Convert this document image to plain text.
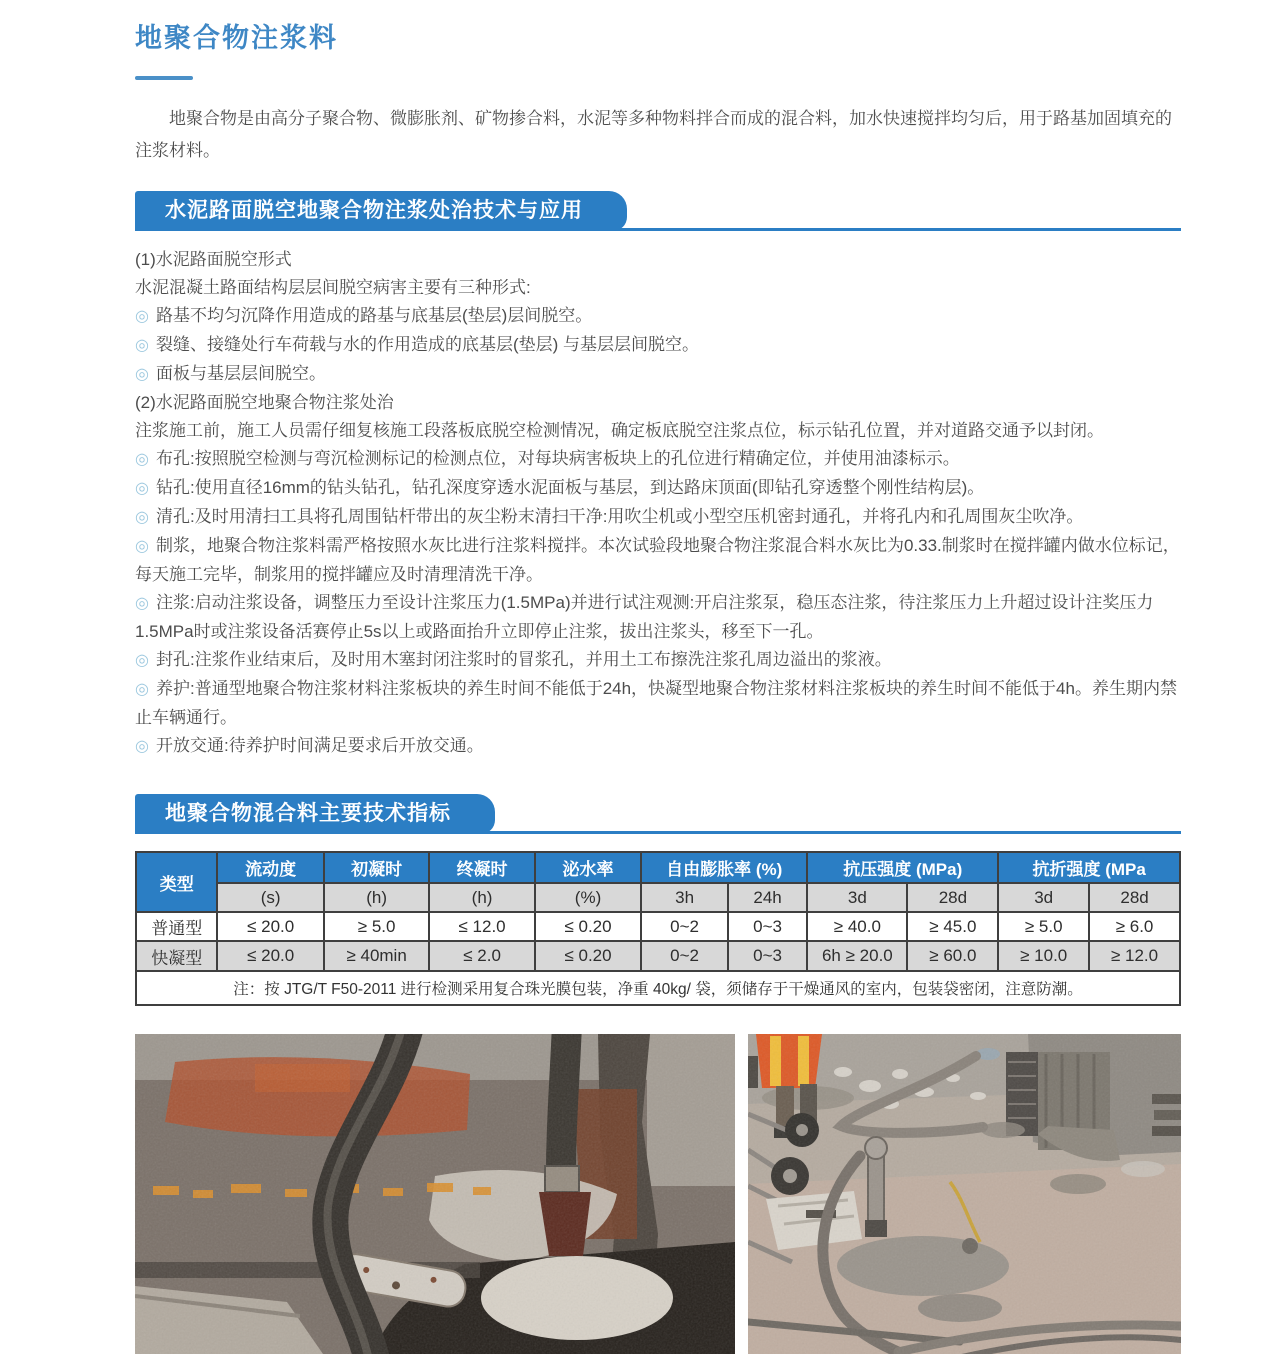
地聚合物注浆料

地聚合物是由高分子聚合物、微膨胀剂、矿物掺合料，水泥等多种物料拌合而成的混合料，加水快速搅拌均匀后，用于路基加固填充的注浆材料。

水泥路面脱空地聚合物注浆处治技术与应用

(1)水泥路面脱空形式

水泥混凝土路面结构层层间脱空病害主要有三种形式:

◎ 路基不均匀沉降作用造成的路基与底基层(垫层)层间脱空。

◎ 裂缝、接缝处行车荷载与水的作用造成的底基层(垫层) 与基层层间脱空。

◎ 面板与基层层间脱空。

(2)水泥路面脱空地聚合物注浆处治

注浆施工前，施工人员需仔细复核施工段落板底脱空检测情况，确定板底脱空注浆点位，标示钻孔位置，并对道路交通予以封闭。

◎ 布孔:按照脱空检测与弯沉检测标记的检测点位，对每块病害板块上的孔位进行精确定位，并使用油漆标示。

◎ 钻孔:使用直径16mm的钻头钻孔，钻孔深度穿透水泥面板与基层，到达路床顶面(即钻孔穿透整个刚性结构层)。

◎ 清孔:及时用清扫工具将孔周围钻杆带出的灰尘粉末清扫干净:用吹尘机或小型空压机密封通孔，并将孔内和孔周围灰尘吹净。

◎ 制浆，地聚合物注浆料需严格按照水灰比进行注浆料搅拌。本次试验段地聚合物注浆混合料水灰比为0.33.制浆时在搅拌罐内做水位标记，每天施工完毕，制浆用的搅拌罐应及时清理清洗干净。

◎ 注浆:启动注浆设备，调整压力至设计注浆压力(1.5MPa)并进行试注观测:开启注浆泵，稳压态注浆，待注浆压力上升超过设计注奖压力1.5MPa时或注浆设备活赛停止5s以上或路面抬升立即停止注浆，拔出注浆头，移至下一孔。

◎ 封孔:注浆作业结束后，及时用木塞封闭注浆时的冒浆孔，并用土工布擦洗注浆孔周边溢出的浆液。

◎ 养护:普通型地聚合物注浆材料注浆板块的养生时间不能低于24h，快凝型地聚合物注浆材料注浆板块的养生时间不能低于4h。养生期内禁止车辆通行。

◎ 开放交通:待养护时间满足要求后开放交通。

地聚合物混合料主要技术指标
类型	流动度	初凝时	终凝时	泌水率	自由膨胀率 (%)		抗压强度 (MPa)		抗折强度 (MPa	
	(s)	(h)	(h)	(%)	3h	24h	3d	28d	3d	28d
普通型	≤ 20.0	≥ 5.0	≤ 12.0	≤ 0.20	0~2	0~3	≥ 40.0	≥ 45.0	≥ 5.0	≥ 6.0
快凝型	≤ 20.0	≥ 40min	≤ 2.0	≤ 0.20	0~2	0~3	6h ≥ 20.0	≥ 60.0	≥ 10.0	≥ 12.0
注：按 JTG/T F50-2011 进行检测采用复合珠光膜包装，净重 40kg/ 袋，须储存于干燥通风的室内，包装袋密闭，注意防潮。										
